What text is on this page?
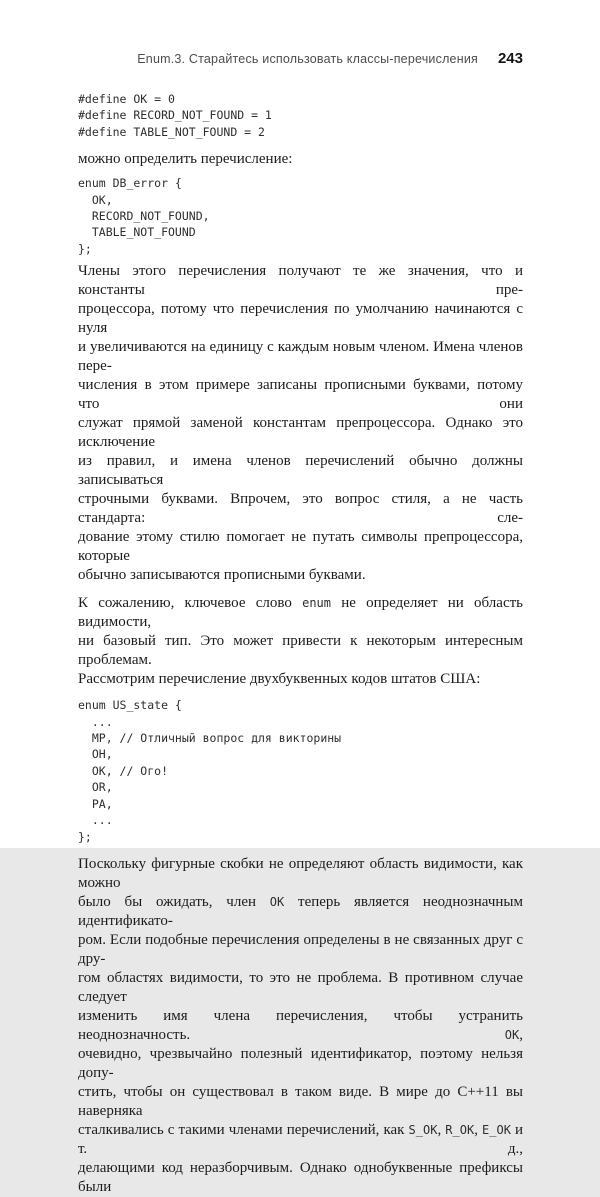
Enum.3. Старайтесь использовать классы-перечисления 243
#define OK = 0
#define RECORD_NOT_FOUND = 1
#define TABLE_NOT_FOUND = 2
можно определить перечисление:
enum DB_error {
OK,
RECORD_NOT_FOUND,
TABLE_NOT_FOUND
};
Члены этого перечисления получают те же значения, что и константы пре-
процессора, потому что перечисления по умолчанию начинаются с нуля
и увеличиваются на единицу с каждым новым членом. Имена членов пере-
числения в этом примере записаны прописными буквами, потому что они
служат прямой заменой константам препроцессора. Однако это исключение
из правил, и имена членов перечислений обычно должны записываться
строчными буквами. Впрочем, это вопрос стиля, а не часть стандарта: сле-
дование этому стилю помогает не путать символы препроцессора, которые
обычно записываются прописными буквами.
К сожалению, ключевое слово enum не определяет ни область видимости,
ни базовый тип. Это может привести к некоторым интересным проблемам.
Рассмотрим перечисление двухбуквенных кодов штатов США:
enum US_state {
...
MP, // Отличный вопрос для викторины
OH,
OK, // Ого!
OR,
PA,
...
};
Поскольку фигурные скобки не определяют область видимости, как можно
было бы ожидать, член OK теперь является неоднозначным идентификато-
ром. Если подобные перечисления определены в не связанных друг с дру-
гом областях видимости, то это не проблема. В противном случае следует
изменить имя члена перечисления, чтобы устранить неоднозначность. OK,
очевидно, чрезвычайно полезный идентификатор, поэтому нельзя допу-
стить, чтобы он существовал в таком виде. В мире до C++11 вы наверняка
сталкивались с такими членами перечислений, как S_OK, R_OK, E_OK и т. д.,
делающими код неразборчивым. Однако однобуквенные префиксы были
